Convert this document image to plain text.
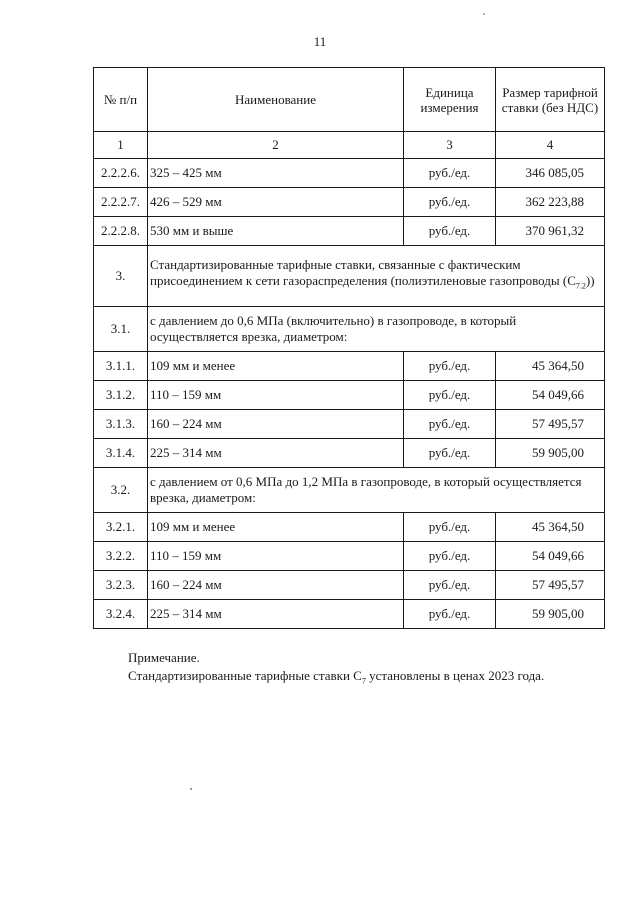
11
№ п/п	Наименование	Единица измерения	Размер тарифной ставки (без НДС)
1	2	3	4
2.2.2.6.	325 – 425 мм	руб./ед.	346 085,05
2.2.2.7.	426 – 529 мм	руб./ед.	362 223,88
2.2.2.8.	530 мм и выше	руб./ед.	370 961,32
3.	Стандартизированные тарифные ставки, связанные с фактическим присоединением к сети газораспределения (полиэтиленовые газопроводы $(С_{7.2})$)		
3.1.	с давлением до 0,6 МПа (включительно) в газопроводе, в который осуществляется врезка, диаметром:		
3.1.1.	109 мм и менее	руб./ед.	45 364,50
3.1.2.	110 – 159 мм	руб./ед.	54 049,66
3.1.3.	160 – 224 мм	руб./ед.	57 495,57
3.1.4.	225 – 314 мм	руб./ед.	59 905,00
3.2.	с давлением от 0,6 МПа до 1,2 МПа в газопроводе, в который осуществляется врезка, диаметром:		
3.2.1.	109 мм и менее	руб./ед.	45 364,50
3.2.2.	110 – 159 мм	руб./ед.	54 049,66
3.2.3.	160 – 224 мм	руб./ед.	57 495,57
3.2.4.	225 – 314 мм	руб./ед.	59 905,00
Примечание.
Стандартизированные тарифные ставки $С_7$ установлены в ценах 2023 года.
